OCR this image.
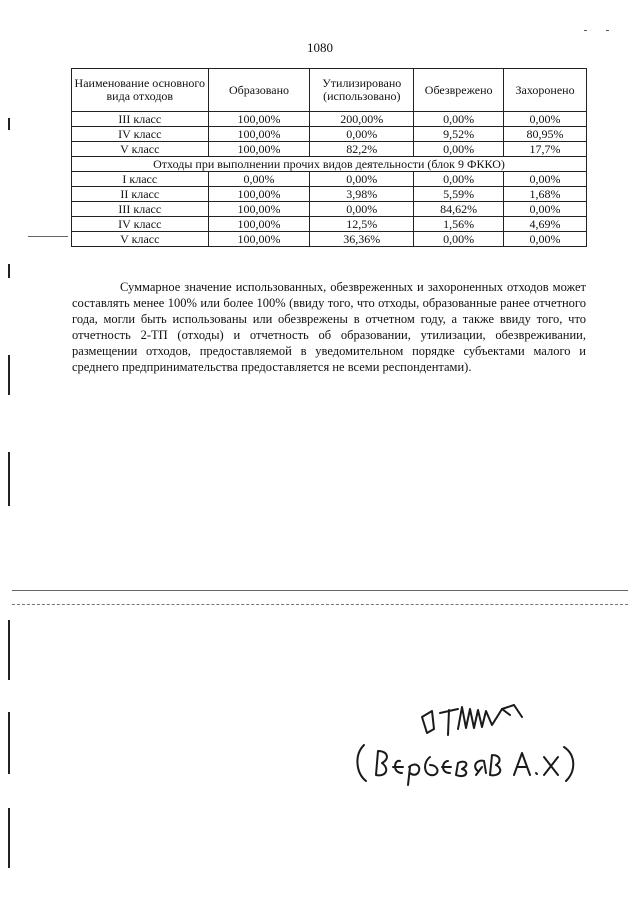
1080
Наименование основного вида отходов	Образовано	Утилизировано (использовано)	Обезврежено	Захоронено
III класс	100,00%	200,00%	0,00%	0,00%
IV класс	100,00%	0,00%	9,52%	80,95%
V класс	100,00%	82,2%	0,00%	17,7%
Отходы при выполнении прочих видов деятельности (блок 9 ФККО)				
I класс	0,00%	0,00%	0,00%	0,00%
II класс	100,00%	3,98%	5,59%	1,68%
III класс	100,00%	0,00%	84,62%	0,00%
IV класс	100,00%	12,5%	1,56%	4,69%
V класс	100,00%	36,36%	0,00%	0,00%

Суммарное значение использованных, обезвреженных и захороненных отходов может составлять менее 100% или более 100% (ввиду того, что отходы, образованные ранее отчетного года, могли быть использованы или обезврежены в отчетном году, а также ввиду того, что отчетность 2-ТП (отходы) и отчетность об образовании, утилизации, обезвреживании, размещении отходов, предоставляемой в уведомительном порядке субъектами малого и среднего предпринимательства предоставляется не всеми респондентами).
